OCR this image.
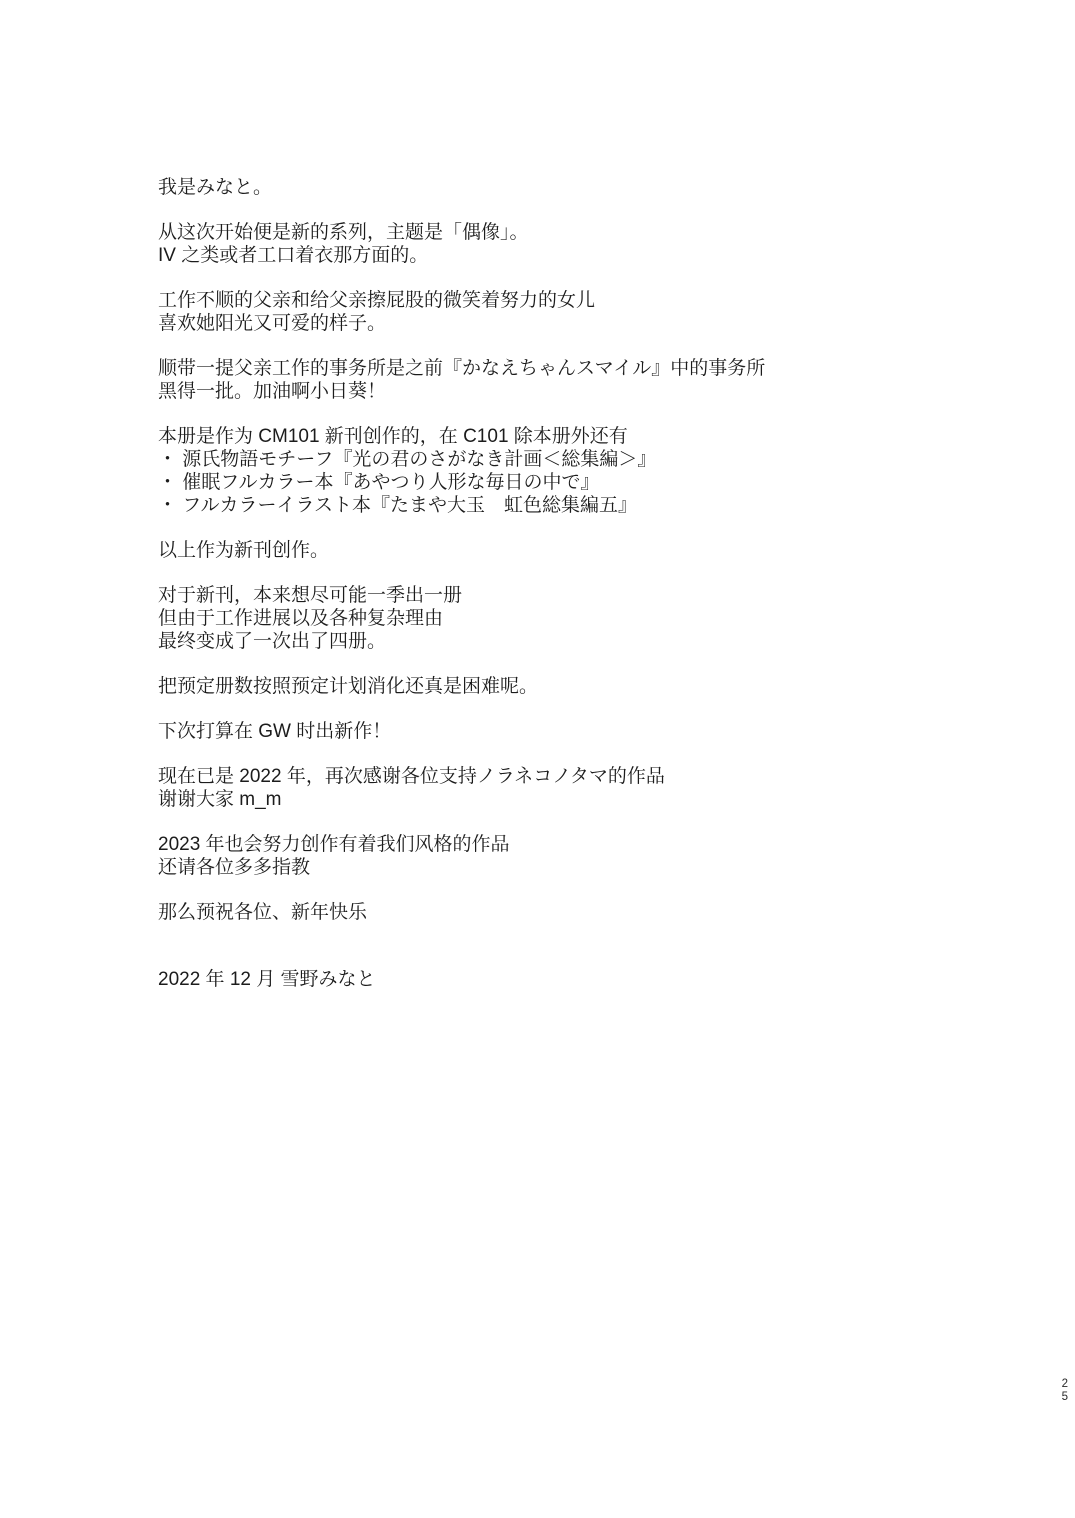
我是みなと。
从这次开始便是新的系列，主题是「偶像」。
IV 之类或者工口着衣那方面的。
工作不顺的父亲和给父亲擦屁股的微笑着努力的女儿
喜欢她阳光又可爱的样子。
顺带一提父亲工作的事务所是之前『かなえちゃんスマイル』中的事务所
黑得一批。加油啊小日葵！
本册是作为 CM101 新刊创作的，在 C101 除本册外还有
・ 源氏物語モチーフ『光の君のさがなき計画＜総集編＞』
・ 催眠フルカラー本『あやつり人形な毎日の中で』
・ フルカラーイラスト本『たまや大玉　虹色総集編五』
以上作为新刊创作。
对于新刊，本来想尽可能一季出一册
但由于工作进展以及各种复杂理由
最终变成了一次出了四册。
把预定册数按照预定计划消化还真是困难呢。
下次打算在 GW 时出新作！
现在已是 2022 年，再次感谢各位支持ノラネコノタマ的作品
谢谢大家 m_m
2023 年也会努力创作有着我们风格的作品
还请各位多多指教
那么预祝各位、新年快乐
2022 年 12 月 雪野みなと
2
5
